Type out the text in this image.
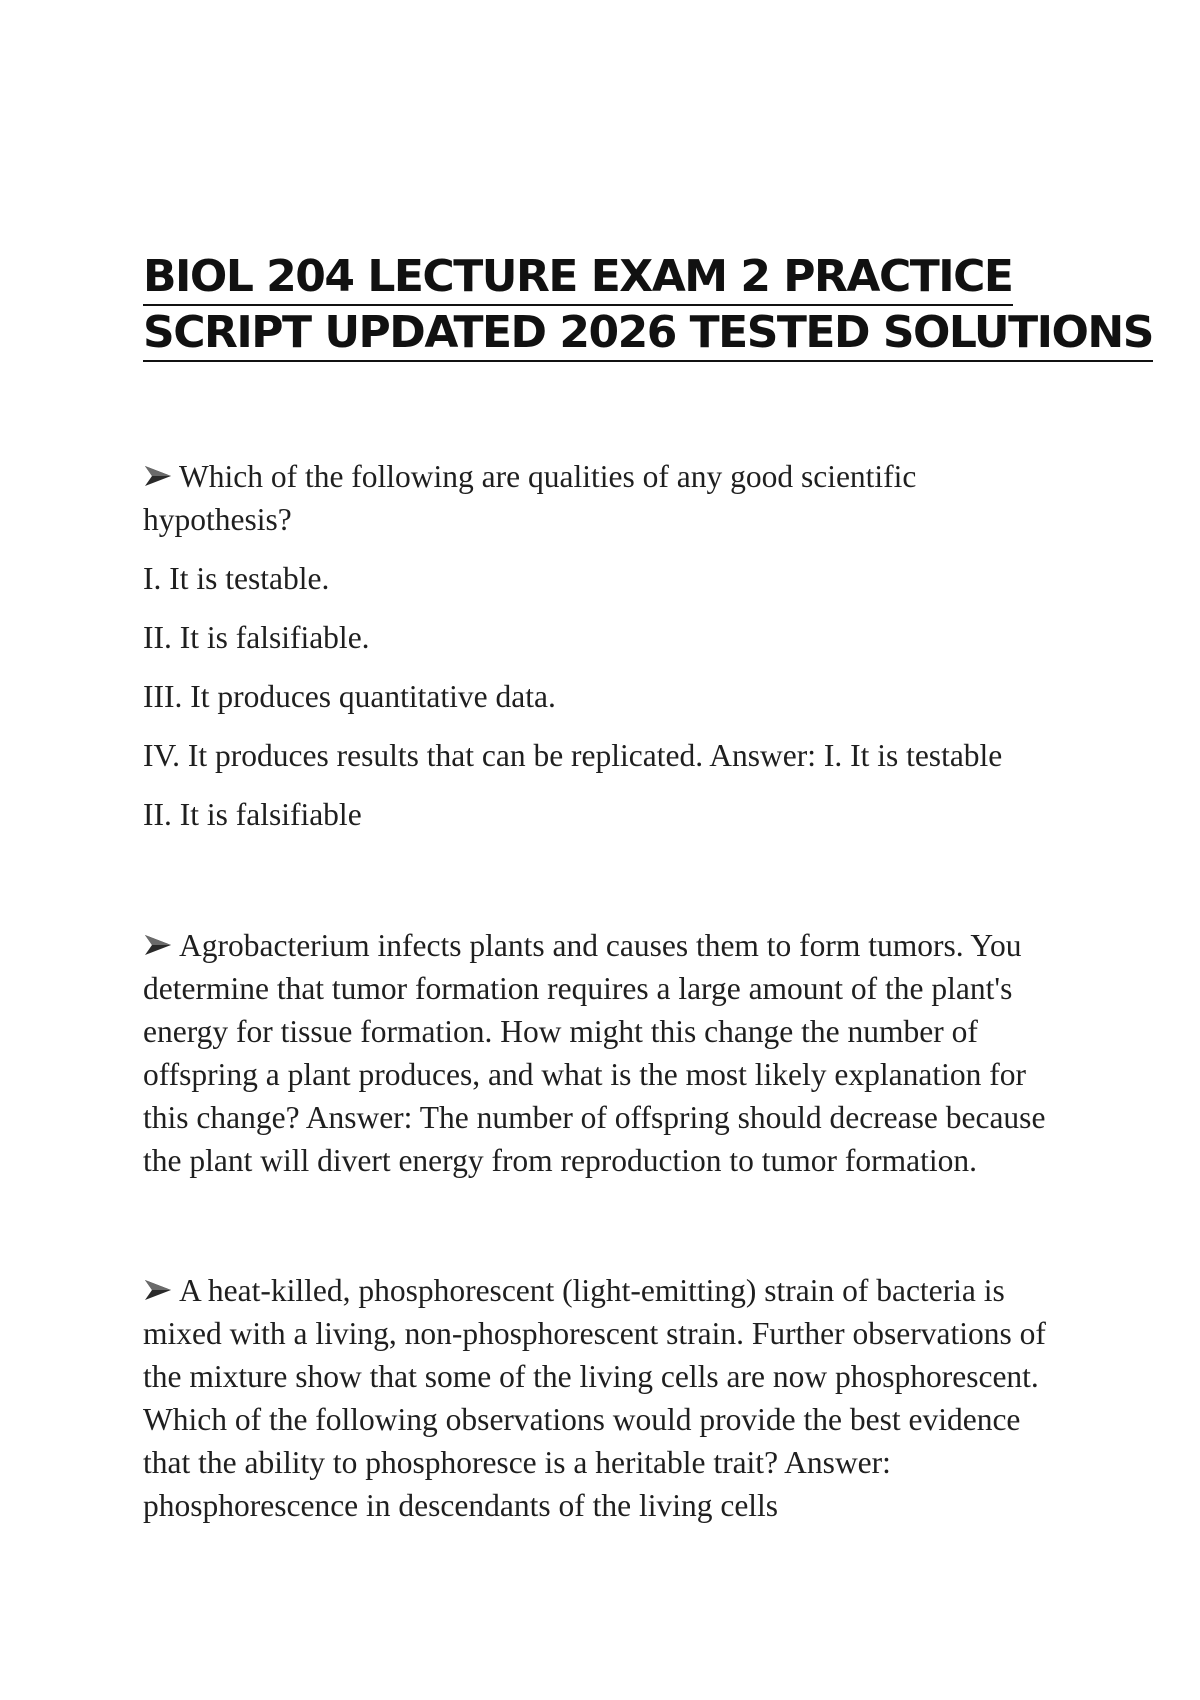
BIOL 204 LECTURE EXAM 2 PRACTICE
SCRIPT UPDATED 2026 TESTED SOLUTIONS

Which of the following are qualities of any good scientific hypothesis?

I. It is testable.

II. It is falsifiable.

III. It produces quantitative data.

IV. It produces results that can be replicated. Answer: I. It is testable

II. It is falsifiable

Agrobacterium infects plants and causes them to form tumors. You determine that tumor formation requires a large amount of the plant's energy for tissue formation. How might this change the number of offspring a plant produces, and what is the most likely explanation for this change? Answer: The number of offspring should decrease because the plant will divert energy from reproduction to tumor formation.

A heat-killed, phosphorescent (light-emitting) strain of bacteria is mixed with a living, non-phosphorescent strain. Further observations of the mixture show that some of the living cells are now phosphorescent. Which of the following observations would provide the best evidence that the ability to phosphoresce is a heritable trait? Answer: phosphorescence in descendants of the living cells
